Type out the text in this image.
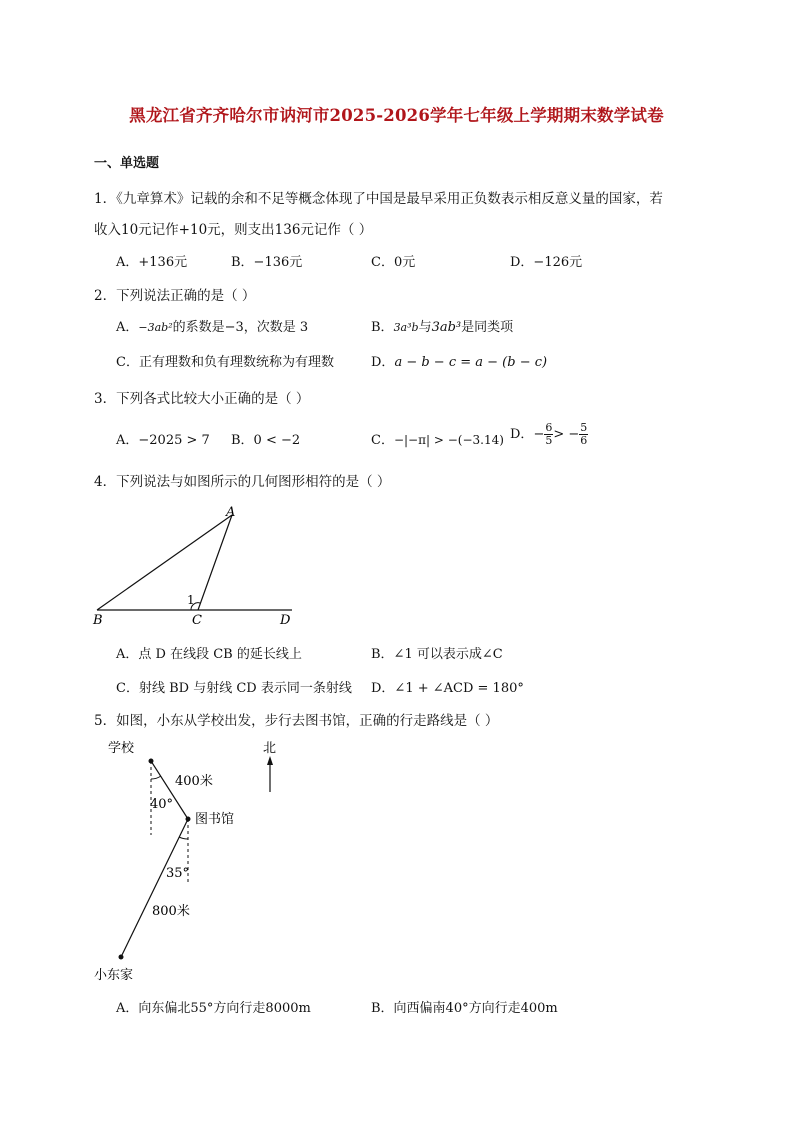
黑龙江省齐齐哈尔市讷河市2025-2026学年七年级上学期期末数学试卷
一、单选题
1．《九章算术》记载的余和不足等概念体现了中国是最早采用正负数表示相反意义量的国家，若
收入10元记作+10元，则支出136元记作（ ）
A．+136元	B．−136元	C．0元	D．−126元
2．下列说法正确的是（ ）
A．−3ab²的系数是−3，次数是 3	B．3a³b与3ab³是同类项
C．正有理数和负有理数统称为有理数	D．a − b − c = a − (b − c)
3．下列各式比较大小正确的是（ ）
A．−2025 > 7 B．0 < −2	C．−|−π| > −(−3.14) D．− $\frac{6}{5}$ > − $\frac{5}{6}$
4．下列说法与如图所示的几何图形相符的是（ ）
A
B	C	D
1
A．点 D 在线段 CB 的延长线上	B．∠1 可以表示成∠C
C．射线 BD 与射线 CD 表示同一条射线 D．∠1 + ∠ACD = 180°
5．如图，小东从学校出发，步行去图书馆，正确的行走路线是（ ）
学校	北
400米
40°
图书馆
35°
800米
小东家
A．向东偏北55°方向行走8000m	B．向西偏南40°方向行走400m
